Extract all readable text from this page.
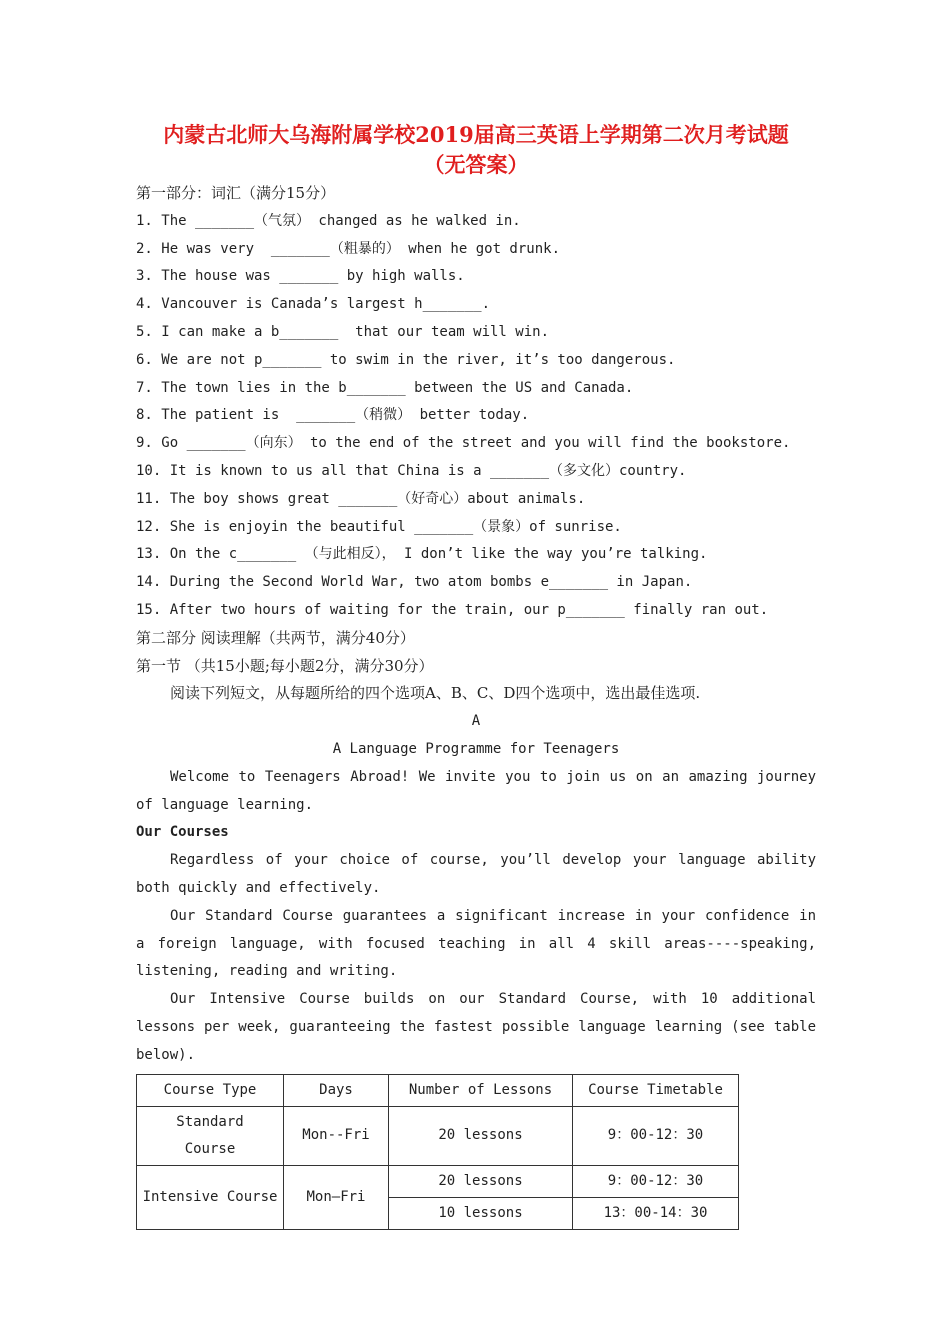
内蒙古北师大乌海附属学校2019届高三英语上学期第二次月考试题
（无答案）
第一部分：词汇（满分15分）
1. The _______（气氛） changed as he walked in.
2. He was very  _______（粗暴的） when he got drunk.
3. The house was _______ by high walls.
4. Vancouver is Canada’s largest h_______.
5. I can make a b_______  that our team will win.
6. We are not p_______ to swim in the river, it’s too dangerous.
7. The town lies in the b_______ between the US and Canada.
8. The patient is  _______（稍微） better today.
9. Go _______（向东） to the end of the street and you will find the bookstore.
10. It is known to us all that China is a _______（多文化）country.
11. The boy shows great _______（好奇心）about animals.
12. She is enjoyin the beautiful _______（景象）of sunrise.
13. On the c_______ （与此相反）， I don’t like the way you’re talking.
14. During the Second World War, two atom bombs e_______ in Japan.
15. After two hours of waiting for the train, our p_______ finally ran out.
第二部分 阅读理解（共两节，满分40分）
第一节 （共15小题;每小题2分，满分30分）
阅读下列短文，从每题所给的四个选项A、B、C、D四个选项中，选出最佳选项.
A
A Language Programme for Teenagers

Welcome to Teenagers Abroad! We invite you to join us on an amazing journey of language learning.

Our Courses

Regardless of your choice of course, you’ll develop your language ability both quickly and effectively.

Our Standard Course guarantees a significant increase in your confidence in a foreign language, with focused teaching in all 4 skill areas----speaking, listening, reading and writing.

Our Intensive Course builds on our Standard Course, with 10 additional lessons per week, guaranteeing the fastest possible language learning (see table below).

Course Type	Days	Number of Lessons	Course Timetable
Standard
Course	Mon--Fri	20 lessons	9：00-12：30
Intensive Course	Mon—Fri	20 lessons	9：00-12：30
		10 lessons	13：00-14：30
